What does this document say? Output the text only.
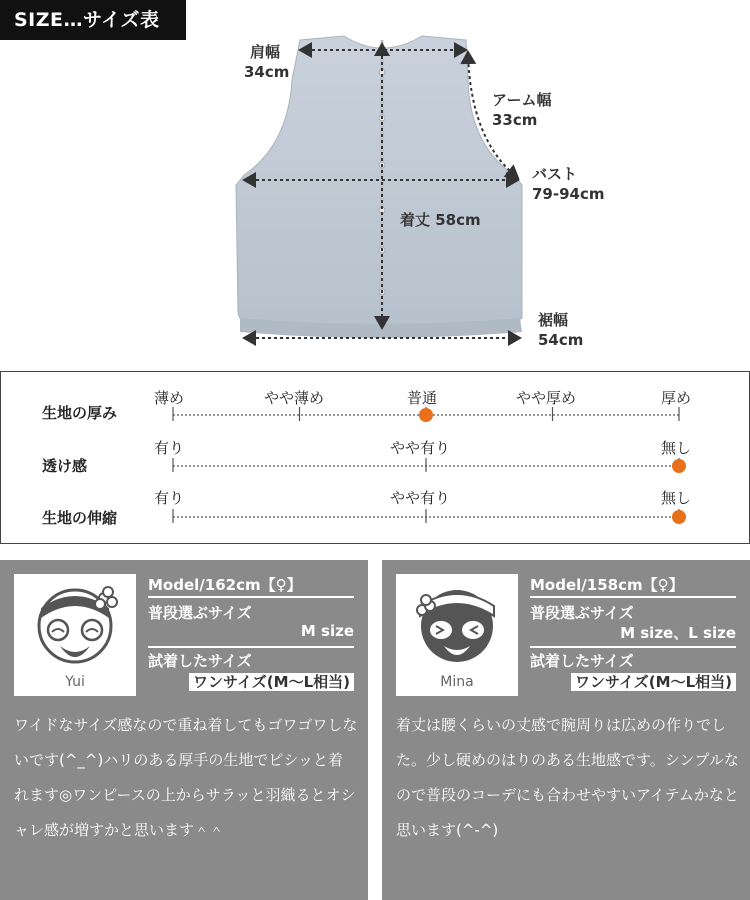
SIZE…サイズ表
肩幅
34cm
アーム幅
33cm
バスト
79-94cm
着丈 58cm
裾幅
54cm
生地の厚み
薄め	やや薄め	普通	やや厚め	厚め
透け感
有り	やや有り	無し
生地の伸縮
有り	やや有り	無し
Yui
Model/162cm【♀】
普段選ぶサイズ
M size
試着したサイズ
ワンサイズ(M〜L相当)
ワイドなサイズ感なので重ね着してもゴワゴワしないです(^_^)ハリのある厚手の生地でピシッと着れます◎ワンピースの上からサラッと羽織るとオシャレ感が増すかと思います＾＾
Mina
Model/158cm【♀】
普段選ぶサイズ
M size、L size
試着したサイズ
ワンサイズ(M〜L相当)
着丈は腰くらいの丈感で腕周りは広めの作りでした。少し硬めのはりのある生地感です。シンプルなので普段のコーデにも合わせやすいアイテムかなと思います(^-^)
